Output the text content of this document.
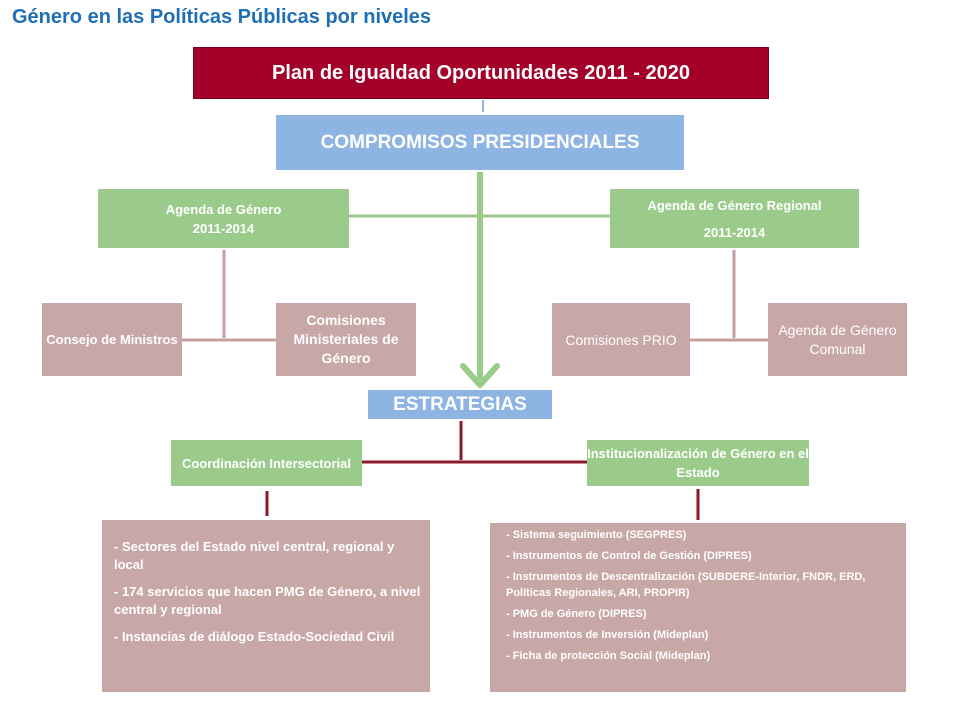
Género en las Políticas Públicas por niveles
Plan de Igualdad Oportunidades 2011 - 2020
COMPROMISOS PRESIDENCIALES
Agenda de Género
2011-2014
Agenda de Género Regional
2011-2014
Consejo de Ministros
Comisiones Ministeriales de Género
Comisiones PRIO
Agenda de Género Comunal
ESTRATEGIAS
Coordinación Intersectorial
Institucionalización de Género en el Estado
- Sectores del Estado nivel central, regional y local
- 174 servicios que hacen PMG de Género, a nivel central y regional
- Instancias de diálogo Estado-Sociedad Civil
- Sistema seguimiento (SEGPRES)
- Instrumentos de Control de Gestión (DIPRES)
- Instrumentos de Descentralización (SUBDERE-Interior, FNDR, ERD, Políticas Regionales, ARI, PROPIR)
- PMG de Género (DIPRES)
- Instrumentos de Inversión (Mideplan)
- Ficha de protección Social (Mideplan)
